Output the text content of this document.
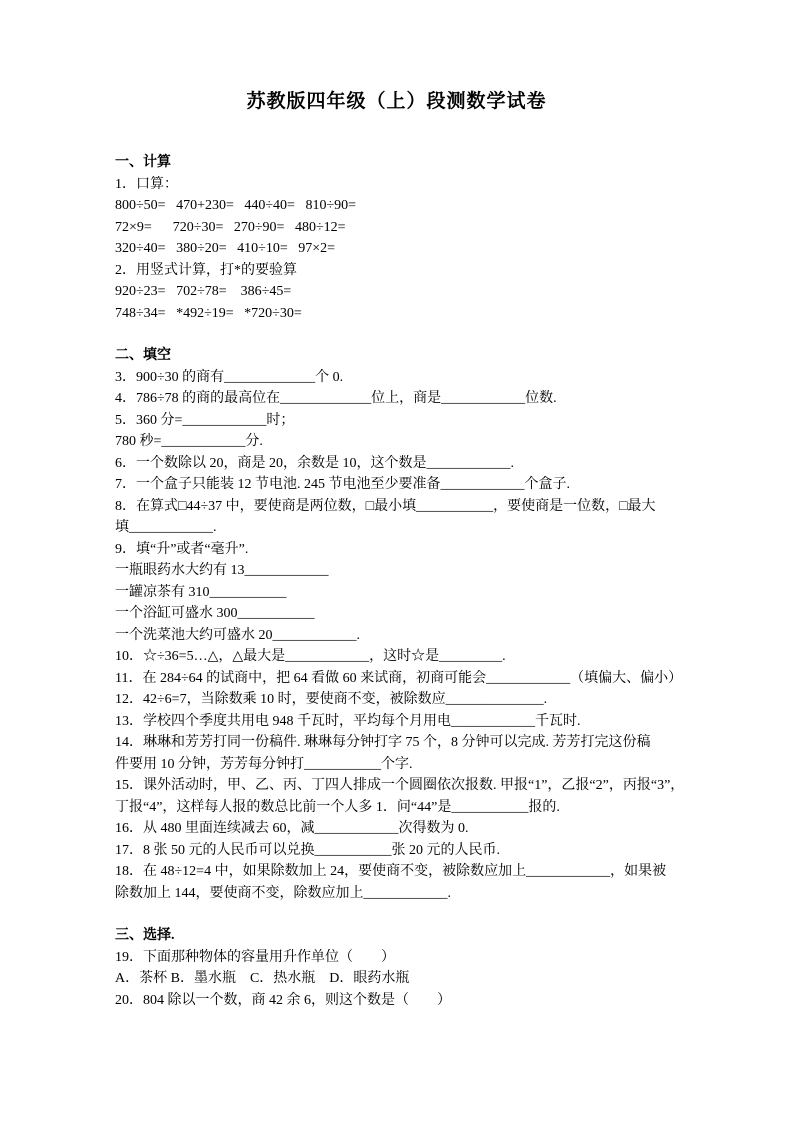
苏教版四年级（上）段测数学试卷

一、计算

1．口算：

800÷50=   470+230=   440÷40=   810÷90=

72×9=      720÷30=   270÷90=   480÷12=

320÷40=   380÷20=   410÷10=   97×2=

2．用竖式计算，打*的要验算

920÷23=   702÷78=    386÷45=

748÷34=   *492÷19=   *720÷30=

二、填空

3．900÷30 的商有_____________个 0.

4．786÷78 的商的最高位在_____________位上，商是____________位数.

5．360 分=____________时；

780 秒=____________分.

6．一个数除以 20，商是 20，余数是 10，这个数是____________.

7．一个盒子只能装 12 节电池. 245 节电池至少要准备____________个盒子.

8．在算式□44÷37 中，要使商是两位数，□最小填___________，要使商是一位数，□最大

填____________.

9．填“升”或者“毫升”.

一瓶眼药水大约有 13____________

一罐凉茶有 310___________

一个浴缸可盛水 300___________

一个洗菜池大约可盛水 20____________.

10．☆÷36=5…△，△最大是____________，这时☆是_________.

11．在 284÷64 的试商中，把 64 看做 60 来试商，初商可能会____________（填偏大、偏小）

12．42÷6=7，当除数乘 10 时，要使商不变，被除数应______________.

13．学校四个季度共用电 948 千瓦时，平均每个月用电____________千瓦时.

14．琳琳和芳芳打同一份稿件. 琳琳每分钟打字 75 个，8 分钟可以完成. 芳芳打完这份稿

件要用 10 分钟，芳芳每分钟打___________个字.

15．课外活动时，甲、乙、丙、丁四人排成一个圆圈依次报数. 甲报“1”，乙报“2”，丙报“3”，

丁报“4”，这样每人报的数总比前一个人多 1．问“44”是___________报的.

16．从 480 里面连续减去 60，减____________次得数为 0.

17．8 张 50 元的人民币可以兑换___________张 20 元的人民币.

18．在 48÷12=4 中，如果除数加上 24，要使商不变，被除数应加上____________，如果被

除数加上 144，要使商不变，除数应加上____________.

三、选择.

19．下面那种物体的容量用升作单位（　　）

A．茶杯 B．墨水瓶　C．热水瓶　D．眼药水瓶

20．804 除以一个数，商 42 余 6，则这个数是（　　）
